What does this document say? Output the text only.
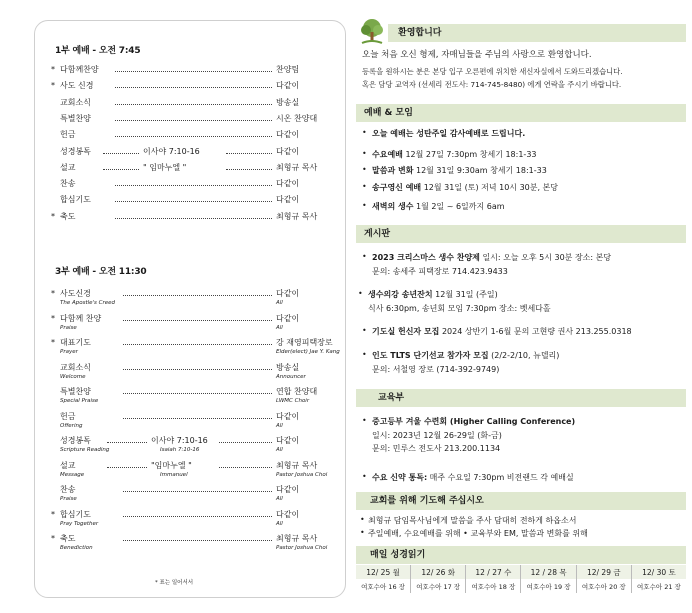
1부 예배 - 오전 7:45
* 다함께찬양	찬양팀
* 사도 신경	다같이
교회소식	방송실
특별찬양	시온 찬양대
헌금	다같이
성경봉독	이사야 7:10-16	다같이
설교	" 임마누엘 "	최형규 목사
찬송	다같이
합심기도	다같이
* 축도	최형규 목사
3부 예배 - 오전 11:30
* 사도신경	다같이
The Apostle's Creed	All
* 다함께 찬양	다같이
Praise	All
* 대표기도	강 재영피택장로
Prayer	Elder(elect) Jae Y. Kang
교회소식	방송실
Welcome	Announcer
특별찬양	연합 찬양대
Special Praise	LWMC Choir
헌금	다같이
Offering	All
성경봉독	이사야 7:10-16	다같이
Scripture Reading	Isaiah 7:10-16	All
설교	"임마누엘 "	최형규 목사
Message	Immanuel	Pastor Joshua Choi
찬송	다같이
Praise	All
* 합심기도	다같이
Pray Together	All
* 축도	최형규 목사
Benediction	Pastor Joshua Choi
* 표는 일어서서
환영합니다
오늘 처음 오신 형제, 자매님들을 주님의 사랑으로 환영합니다.
등록을 원하시는 분은 본당 입구 오른편에 위치한 새신자실에서 도와드리겠습니다.
혹은 담당 교역자 (선세리 전도사: 714-745-8480) 에게 연락을 주시기 바랍니다.
예배 & 모임
• 오늘 예배는 성탄주일 감사예배로 드립니다.
• 수요예배 12월 27일 7:30pm 창세기 18:1-33
• 말씀과 변화 12월 31일 9:30am 창세기 18:1-33
• 송구영신 예배 12월 31일 (토) 저녁 10시 30분, 본당
• 새벽의 생수 1월 2일 ~ 6일까지 6am
게시판
• 2023 크리스마스 생수 찬양제 일시: 오늘 오후 5시 30분 장소: 본당
문의: 송세주 피택장로 714.423.9433
• 생수의강 송년잔치 12월 31일 (주일)
식사 6:30pm, 송년회 모임 7:30pm 장소: 벳세다홀
• 기도실 헌신자 모집 2024 상반기 1-6월 문의 고현량 권사 213.255.0318
• 인도 TLTS 단기선교 참가자 모집 (2/2-2/10, 뉴델리)
문의: 서철영 장로 (714-392-9749)
교육부
• 중고등부 겨울 수련회 (Higher Calling Conference)
일시: 2023년 12월 26-29일 (화-금)
문의: 민루스 전도사 213.200.1134
• 수요 신약 통독: 매주 수요일 7:30pm 비전랜드 각 예배실
교회를 위해 기도해 주십시오
• 최형규 담임목사님에게 말씀을 주사 담대히 전하게 하옵소서
• 주일예배, 수요예배를 위해 • 교육부와 EM, 말씀과 변화를 위해
매일 성경읽기
12/ 25 월	12/ 26 화	12 / 27 수	12 / 28 목	12/ 29 금	12/ 30 토
여호수아 16 장	여호수아 17 장	여호수아 18 장	여호수아 19 장	여호수아 20 장	여호수아 21 장
